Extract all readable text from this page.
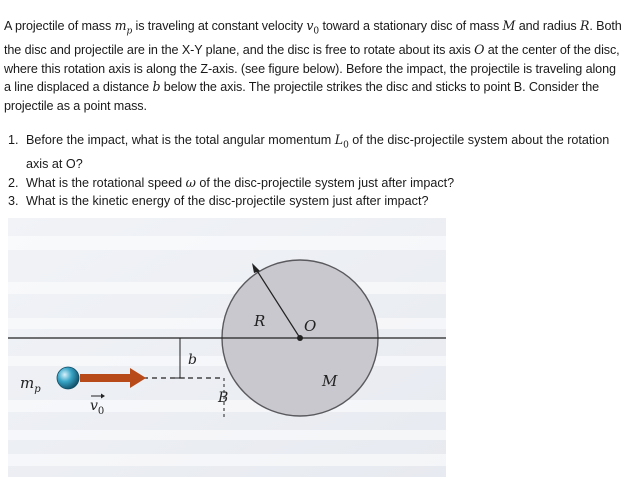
A projectile of mass $m_p$ is traveling at constant velocity $v_0$ toward a stationary disc of mass M and radius R. Both the disc and projectile are in the X-Y plane, and the disc is free to rotate about its axis O at the center of the disc, where this rotation axis is along the Z-axis. (see figure below). Before the impact, the projectile is traveling along a line displaced a distance b below the axis. The projectile strikes the disc and sticks to point B. Consider the projectile as a point mass.
1. Before the impact, what is the total angular momentum $L_0$ of the disc-projectile system about the rotation axis at O?
2. What is the rotational speed ω of the disc-projectile system just after impact?
3. What is the kinetic energy of the disc-projectile system just after impact?
R	O
b
M
B
$m_p$
$v_0$
